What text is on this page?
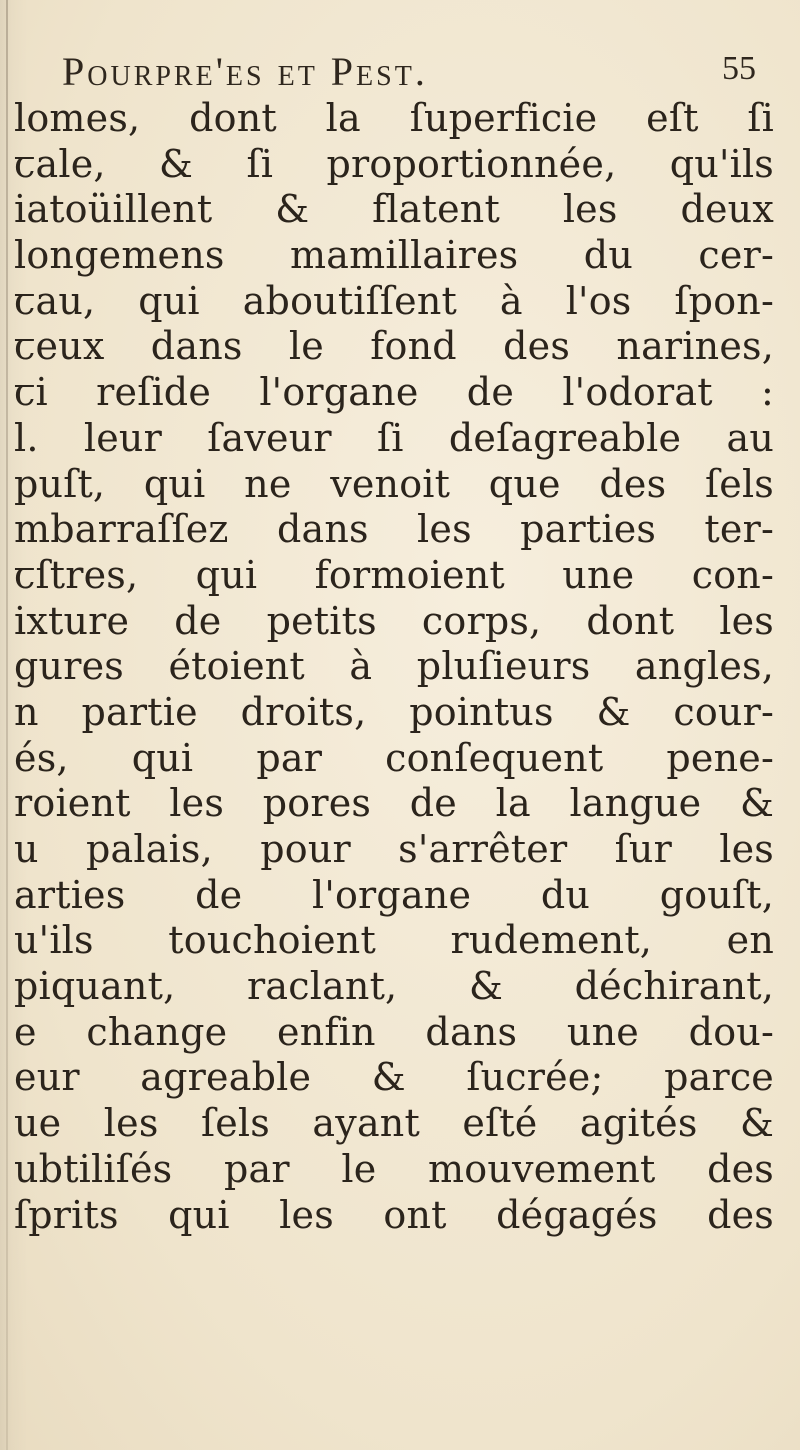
Pourpre'es et Pest.	55
lomes, dont la ſuperficie eſt ſi
ꞇale, & ſi proportionnée, qu'ils
iatoüillent & flatent les deux
longemens mamillaires du cer-
ꞇau, qui aboutiſſent à l'os ſpon-
ꞇeux dans le fond des narines,
ꞇi reſide l'organe de l'odorat :
l. leur ſaveur ſi deſagreable au
puſt, qui ne venoit que des ſels
mbarraſſez dans les parties ter-
ꞇſtres, qui formoient une con-
ixture de petits corps, dont les
gures étoient à pluſieurs angles,
n partie droits, pointus & cour-
és, qui par conſequent pene-
roient les pores de la langue &
u palais, pour s'arrêter ſur les
arties de l'organe du gouſt,
u'ils touchoient rudement, en
piquant, raclant, & déchirant,
e change enfin dans une dou-
eur agreable & ſucrée; parce
ue les ſels ayant eſté agités &
ubtiliſés par le mouvement des
ſprits qui les ont dégagés des
